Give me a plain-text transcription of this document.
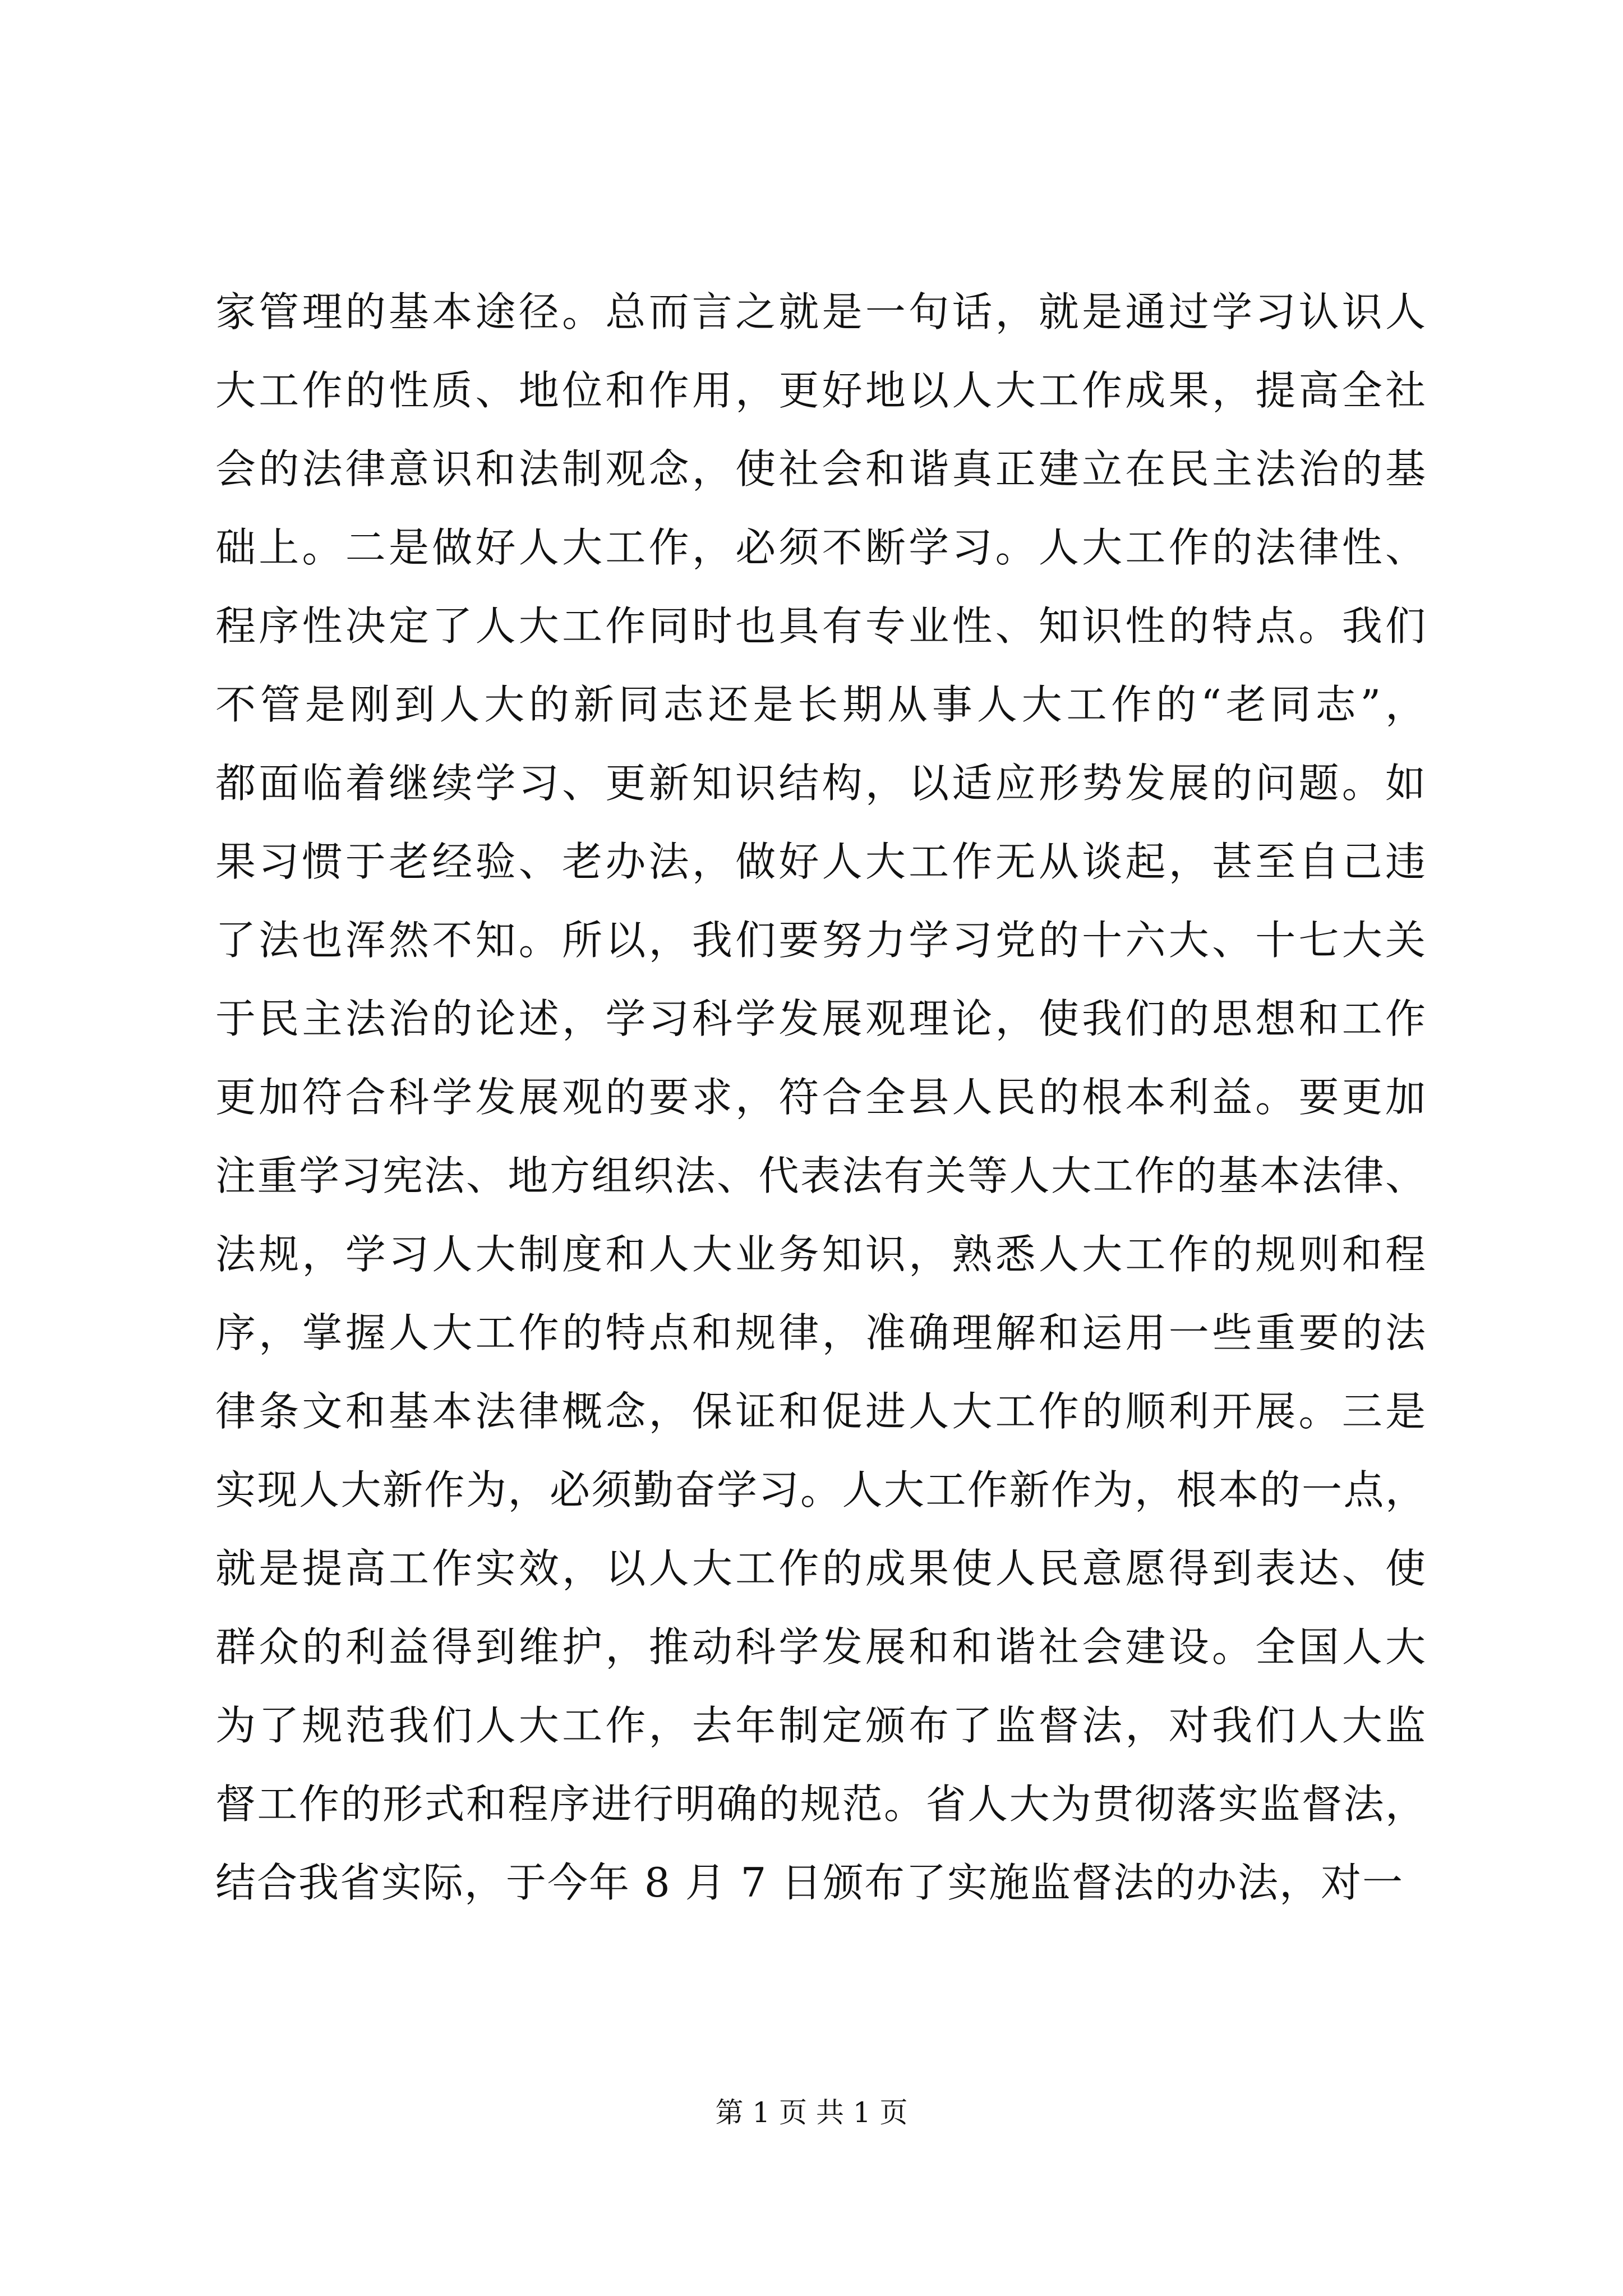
家管理的基本途径。总而言之就是一句话，就是通过学习认识人
大工作的性质、地位和作用，更好地以人大工作成果，提高全社
会的法律意识和法制观念，使社会和谐真正建立在民主法治的基
础上。二是做好人大工作，必须不断学习。人大工作的法律性、
程序性决定了人大工作同时也具有专业性、知识性的特点。我们
不管是刚到人大的新同志还是长期从事人大工作的“老同志”，
都面临着继续学习、更新知识结构，以适应形势发展的问题。如
果习惯于老经验、老办法，做好人大工作无从谈起，甚至自己违
了法也浑然不知。所以，我们要努力学习党的十六大、十七大关
于民主法治的论述，学习科学发展观理论，使我们的思想和工作
更加符合科学发展观的要求，符合全县人民的根本利益。要更加
注重学习宪法、地方组织法、代表法有关等人大工作的基本法律、
法规，学习人大制度和人大业务知识，熟悉人大工作的规则和程
序，掌握人大工作的特点和规律，准确理解和运用一些重要的法
律条文和基本法律概念，保证和促进人大工作的顺利开展。三是
实现人大新作为，必须勤奋学习。人大工作新作为，根本的一点，
就是提高工作实效，以人大工作的成果使人民意愿得到表达、使
群众的利益得到维护，推动科学发展和和谐社会建设。全国人大
为了规范我们人大工作，去年制定颁布了监督法，对我们人大监
督工作的形式和程序进行明确的规范。省人大为贯彻落实监督法，
结合我省实际，于今年 8 月 7 日颁布了实施监督法的办法，对一
第 1 页 共 1 页
